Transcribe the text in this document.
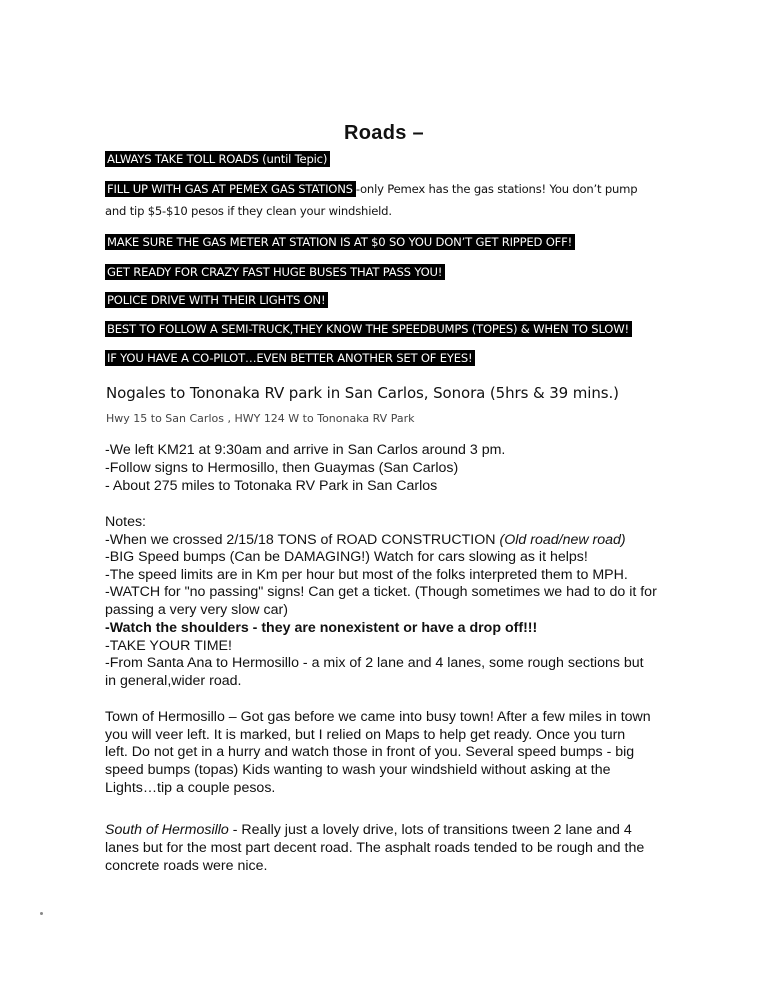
Roads –
ALWAYS TAKE TOLL ROADS (until Tepic)
FILL UP WITH GAS AT PEMEX GAS STATIONS -only Pemex has the gas stations! You don’t pump
and tip $5-$10 pesos if they clean your windshield.
MAKE SURE THE GAS METER AT STATION IS AT $0 SO YOU DON’T GET RIPPED OFF!
GET READY FOR CRAZY FAST HUGE BUSES THAT PASS YOU!
POLICE DRIVE WITH THEIR LIGHTS ON!
BEST TO FOLLOW A SEMI-TRUCK,THEY KNOW THE SPEEDBUMPS (TOPES) & WHEN TO SLOW!
IF YOU HAVE A CO-PILOT…EVEN BETTER ANOTHER SET OF EYES!
Nogales to Tononaka RV park in San Carlos, Sonora (5hrs & 39 mins.)
Hwy 15 to San Carlos , HWY 124 W to Tononaka RV Park
-We left KM21 at 9:30am and arrive in San Carlos around 3 pm.
-Follow signs to Hermosillo, then Guaymas (San Carlos)
- About 275 miles to Totonaka RV Park in San Carlos
Notes:
-When we crossed 2/15/18 TONS of ROAD CONSTRUCTION (Old road/new road)
-BIG Speed bumps (Can be DAMAGING!) Watch for cars slowing as it helps!
-The speed limits are in Km per hour but most of the folks interpreted them to MPH.
-WATCH for "no passing" signs! Can get a ticket. (Though sometimes we had to do it for
passing a very very slow car)
-Watch the shoulders - they are nonexistent or have a drop off!!!
-TAKE YOUR TIME!
-From Santa Ana to Hermosillo - a mix of 2 lane and 4 lanes, some rough sections but
in general,wider road.
Town of Hermosillo – Got gas before we came into busy town! After a few miles in town
you will veer left. It is marked, but I relied on Maps to help get ready. Once you turn
left. Do not get in a hurry and watch those in front of you. Several speed bumps - big
speed bumps (topas) Kids wanting to wash your windshield without asking at the
Lights…tip a couple pesos.
South of Hermosillo - Really just a lovely drive, lots of transitions tween 2 lane and 4
lanes but for the most part decent road. The asphalt roads tended to be rough and the
concrete roads were nice.
